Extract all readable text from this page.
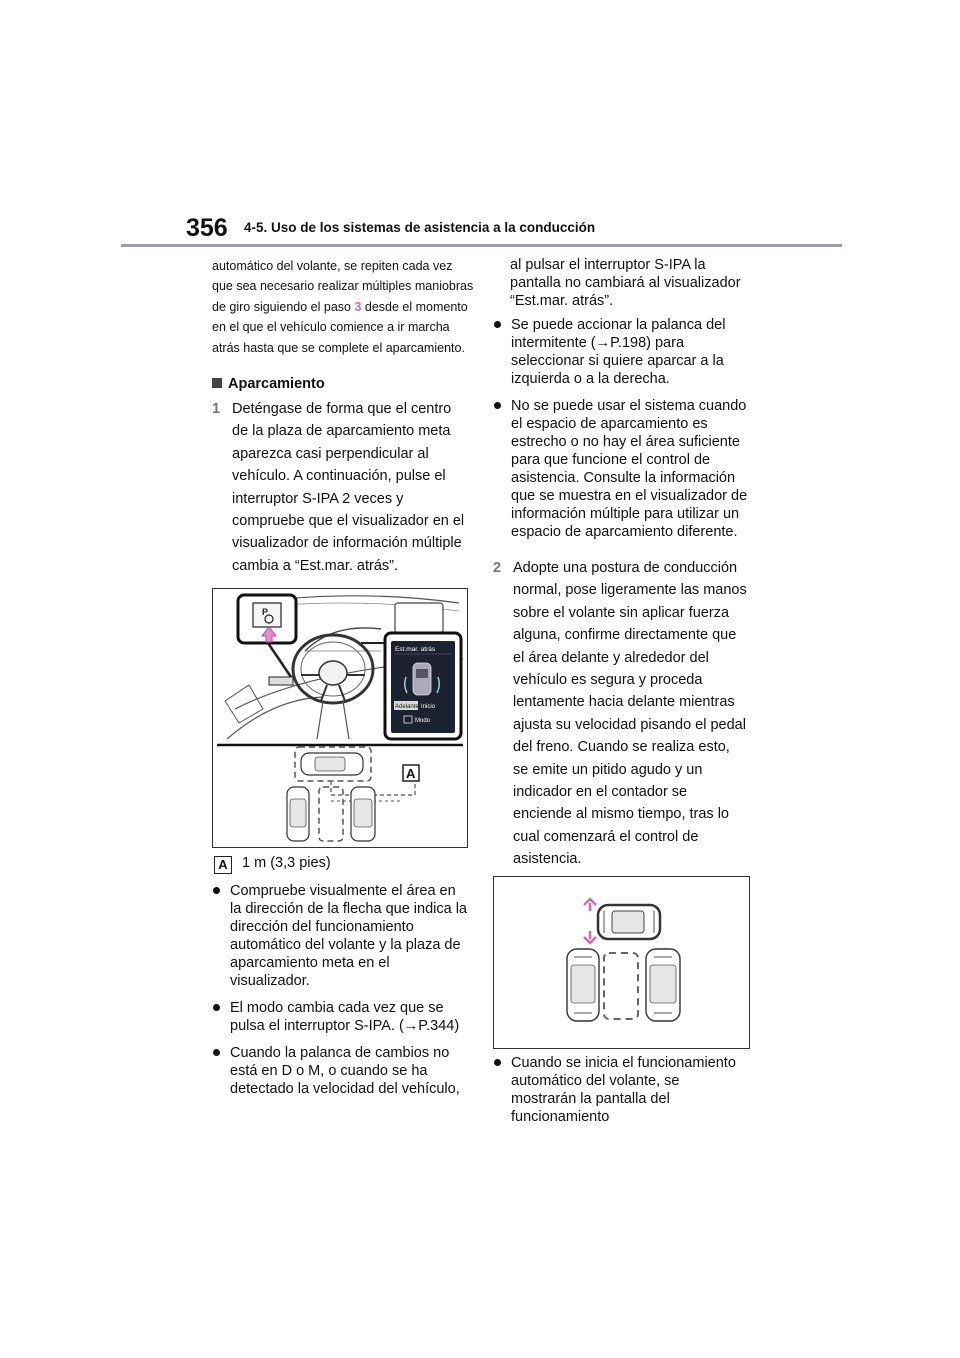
356 4-5. Uso de los sistemas de asistencia a la conducción
automático del volante, se repiten cada vez que sea necesario realizar múltiples maniobras de giro siguiendo el paso 3 desde el momento en el que el vehículo comience a ir marcha atrás hasta que se complete el aparcamiento.
Aparcamiento
1 Deténgase de forma que el centro de la plaza de aparcamiento meta aparezca casi perpendicular al vehículo. A continuación, pulse el interruptor S-IPA 2 veces y compruebe que el visualizador en el visualizador de información múltiple cambia a “Est.mar. atrás”.
P
Est.mar. atrás
Adelante Inicio
Modo
A
A 1 m (3,3 pies)
Compruebe visualmente el área en la dirección de la flecha que indica la dirección del funcionamiento automático del volante y la plaza de aparcamiento meta en el visualizador.
El modo cambia cada vez que se pulsa el interruptor S-IPA. (→P.344)
Cuando la palanca de cambios no está en D o M, o cuando se ha detectado la velocidad del vehículo,
al pulsar el interruptor S-IPA la pantalla no cambiará al visualizador “Est.mar. atrás”.
Se puede accionar la palanca del intermitente (→P.198) para seleccionar si quiere aparcar a la izquierda o a la derecha.
No se puede usar el sistema cuando el espacio de aparcamiento es estrecho o no hay el área suficiente para que funcione el control de asistencia. Consulte la información que se muestra en el visualizador de información múltiple para utilizar un espacio de aparcamiento diferente.
2 Adopte una postura de conducción normal, pose ligeramente las manos sobre el volante sin aplicar fuerza alguna, confirme directamente que el área delante y alrededor del vehículo es segura y proceda lentamente hacia delante mientras ajusta su velocidad pisando el pedal del freno. Cuando se realiza esto, se emite un pitido agudo y un indicador en el contador se enciende al mismo tiempo, tras lo cual comenzará el control de asistencia.
Cuando se inicia el funcionamiento automático del volante, se mostrarán la pantalla del funcionamiento
